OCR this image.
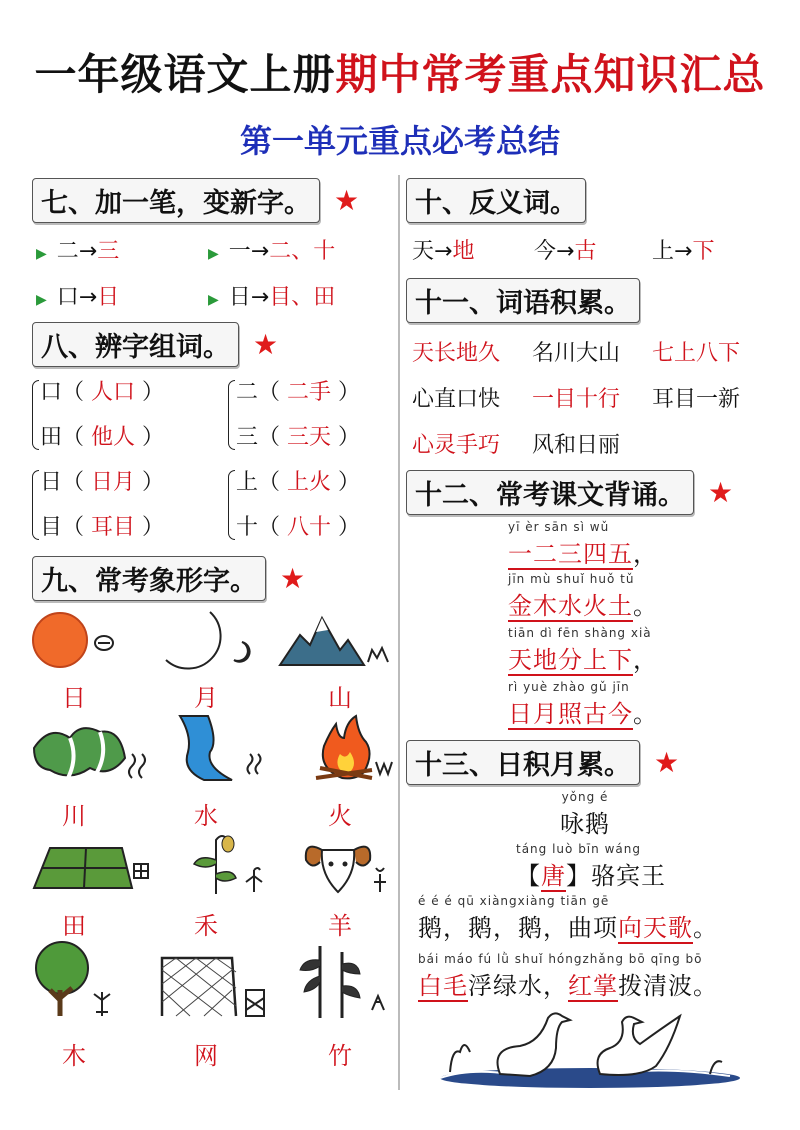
一年级语文上册期中常考重点知识汇总
第一单元重点必考总结
七、加一笔，变新字。 ★
▶ 二→三	▶ 一→二、十
▶ 口→日	▶ 日→目、田
八、辨字组词。 ★
口（ 人口 ）
田（ 他人 ）
二（ 二手 ）
三（ 三天 ）
日（ 日月 ）
目（ 耳目 ）
上（ 上火 ）
十（ 八十 ）
九、常考象形字。 ★
日	月	山
川	水	火
田	禾	羊
木	网	竹
十、反义词。
天→地	今→古	上→下
十一、词语积累。
天长地久 名川大山 七上八下
心直口快 一目十行 耳目一新
心灵手巧 风和日丽
十二、常考课文背诵。 ★
yī èr sān sì wǔ
一二三四五，
jīn mù shuǐ huǒ tǔ
金木水火土。
tiān dì fēn shàng xià
天地分上下，
rì yuè zhào gǔ jīn
日月照古今。
十三、日积月累。 ★
yǒng é
咏鹅
táng luò bīn wáng
【唐】骆宾王
é é é qū xiàngxiàng tiān gē
鹅，鹅，鹅，曲项向天歌。
bái máo fú lǜ shuǐ hóngzhǎng bō qīng bō
白毛浮绿水，红掌拨清波。
